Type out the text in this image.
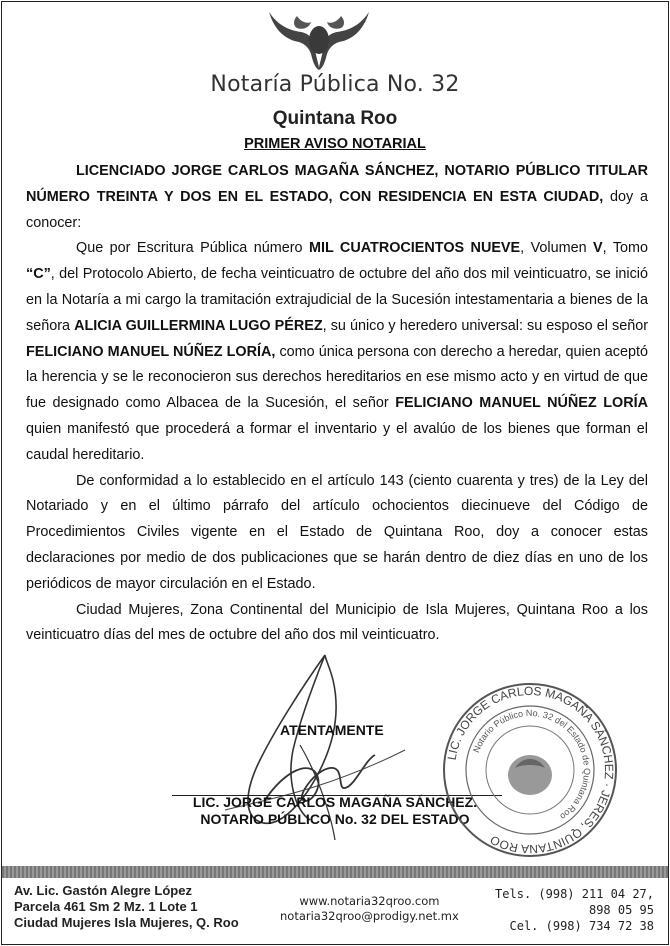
Notaría Pública No. 32
Quintana Roo
PRIMER AVISO NOTARIAL

LICENCIADO JORGE CARLOS MAGAÑA SÁNCHEZ, NOTARIO PÚBLICO TITULAR NÚMERO TREINTA Y DOS EN EL ESTADO, CON RESIDENCIA EN ESTA CIUDAD, doy a conocer:

Que por Escritura Pública número MIL CUATROCIENTOS NUEVE, Volumen V, Tomo “C”, del Protocolo Abierto, de fecha veinticuatro de octubre del año dos mil veinticuatro, se inició en la Notaría a mi cargo la tramitación extrajudicial de la Sucesión intestamentaria a bienes de la señora ALICIA GUILLERMINA LUGO PÉREZ, su único y heredero universal: su esposo el señor FELICIANO MANUEL NÚÑEZ LORÍA, como única persona con derecho a heredar, quien aceptó la herencia y se le reconocieron sus derechos hereditarios en ese mismo acto y en virtud de que fue designado como Albacea de la Sucesión, el señor FELICIANO MANUEL NÚÑEZ LORÍA quien manifestó que procederá a formar el inventario y el avalúo de los bienes que forman el caudal hereditario.

De conformidad a lo establecido en el artículo 143 (ciento cuarenta y tres) de la Ley del Notariado y en el último párrafo del artículo ochocientos diecinueve del Código de Procedimientos Civiles vigente en el Estado de Quintana Roo, doy a conocer estas declaraciones por medio de dos publicaciones que se harán dentro de diez días en uno de los periódicos de mayor circulación en el Estado.

Ciudad Mujeres, Zona Continental del Municipio de Isla Mujeres, Quintana Roo a los veinticuatro días del mes de octubre del año dos mil veinticuatro.

ATENTAMENTE
LIC. JORGE CARLOS MAGAÑA SÁNCHEZ.
NOTARIO PÚBLICO No. 32 DEL ESTADO
LIC. JORGE CARLOS MAGAÑA SÁNCHEZ · JERES, QUINTANA ROO
Notario Público No. 32 del Estado de Quintana Roo
Av. Lic. Gastón Alegre López
Parcela 461 Sm 2 Mz. 1 Lote 1
Ciudad Mujeres Isla Mujeres, Q. Roo
www.notaria32qroo.com
notaria32qroo@prodigy.net.mx
Tels. (998) 211 04 27,
898 05 95
Cel. (998) 734 72 38
